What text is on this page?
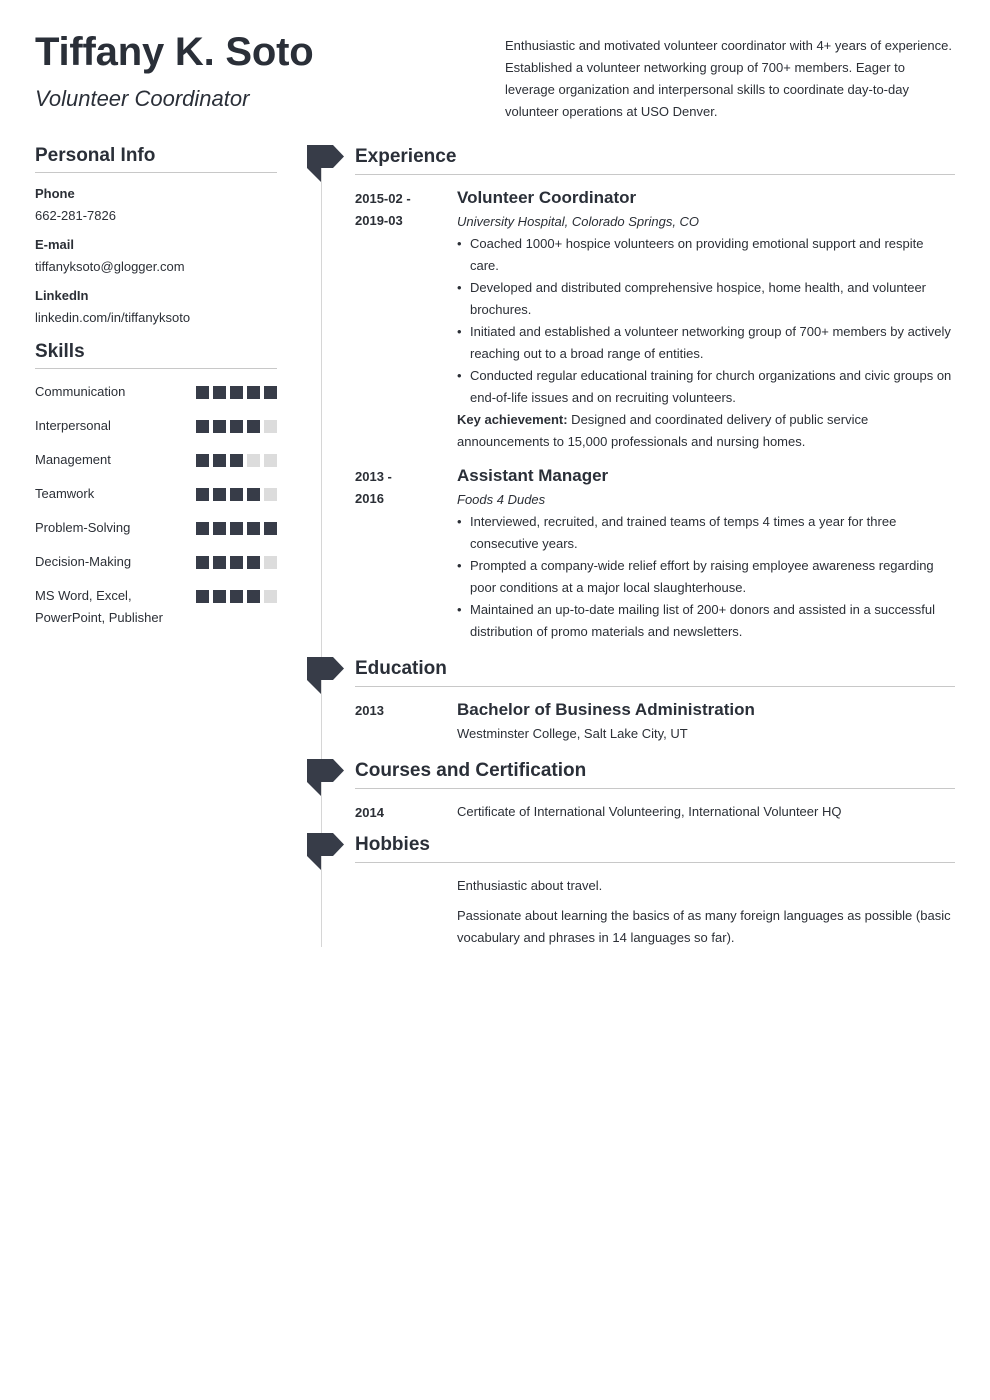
Tiffany K. Soto
Volunteer Coordinator
Enthusiastic and motivated volunteer coordinator with 4+ years of experience. Established a volunteer networking group of 700+ members. Eager to leverage organization and interpersonal skills to coordinate day-to-day volunteer operations at USO Denver.
Personal Info
Phone
662-281-7826
E-mail
tiffanyksoto@glogger.com
LinkedIn
linkedin.com/in/tiffanyksoto
Skills
Communication
Interpersonal
Management
Teamwork
Problem-Solving
Decision-Making
MS Word, Excel, PowerPoint, Publisher
Experience
2015-02 -
2019-03
Volunteer Coordinator
University Hospital, Colorado Springs, CO
• Coached 1000+ hospice volunteers on providing emotional support and respite care.
• Developed and distributed comprehensive hospice, home health, and volunteer brochures.
• Initiated and established a volunteer networking group of 700+ members by actively reaching out to a broad range of entities.
• Conducted regular educational training for church organizations and civic groups on end-of-life issues and on recruiting volunteers.
Key achievement: Designed and coordinated delivery of public service announcements to 15,000 professionals and nursing homes.
2013 -
2016
Assistant Manager
Foods 4 Dudes
• Interviewed, recruited, and trained teams of temps 4 times a year for three consecutive years.
• Prompted a company-wide relief effort by raising employee awareness regarding poor conditions at a major local slaughterhouse.
• Maintained an up-to-date mailing list of 200+ donors and assisted in a successful distribution of promo materials and newsletters.
Education
2013	Bachelor of Business Administration
Westminster College, Salt Lake City, UT
Courses and Certification
2014	Certificate of International Volunteering, International Volunteer HQ
Hobbies
Enthusiastic about travel.
Passionate about learning the basics of as many foreign languages as possible (basic vocabulary and phrases in 14 languages so far).
